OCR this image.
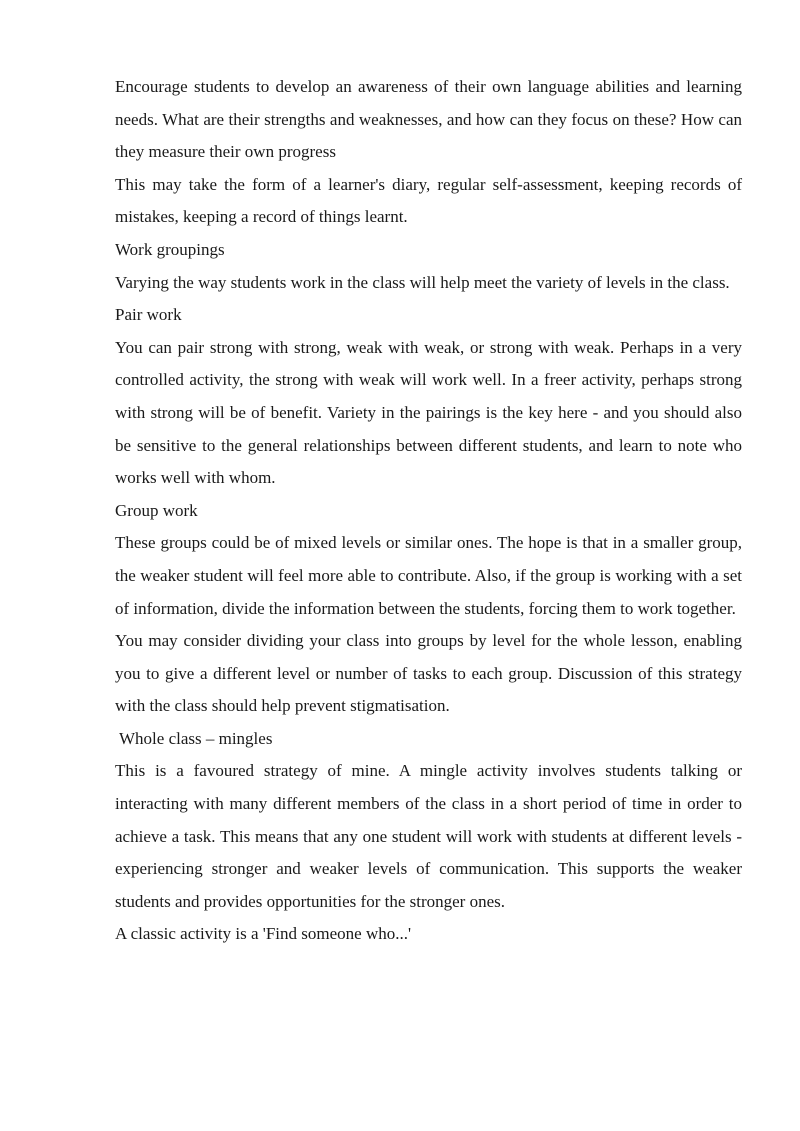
Encourage students to develop an awareness of their own language abilities and learning needs. What are their strengths and weaknesses, and how can they focus on these? How can they measure their own progress

This may take the form of a learner's diary, regular self-assessment, keeping records of mistakes, keeping a record of things learnt.

Work groupings

Varying the way students work in the class will help meet the variety of levels in the class.

Pair work

You can pair strong with strong, weak with weak, or strong with weak. Perhaps in a very controlled activity, the strong with weak will work well. In a freer activity, perhaps strong with strong will be of benefit. Variety in the pairings is the key here - and you should also be sensitive to the general relationships between different students, and learn to note who works well with whom.

Group work

These groups could be of mixed levels or similar ones. The hope is that in a smaller group, the weaker student will feel more able to contribute. Also, if the group is working with a set of information, divide the information between the students, forcing them to work together.

You may consider dividing your class into groups by level for the whole lesson, enabling you to give a different level or number of tasks to each group. Discussion of this strategy with the class should help prevent stigmatisation.

Whole class – mingles

This is a favoured strategy of mine. A mingle activity involves students talking or interacting with many different members of the class in a short period of time in order to achieve a task. This means that any one student will work with students at different levels - experiencing stronger and weaker levels of communication. This supports the weaker students and provides opportunities for the stronger ones.

A classic activity is a 'Find someone who...'
